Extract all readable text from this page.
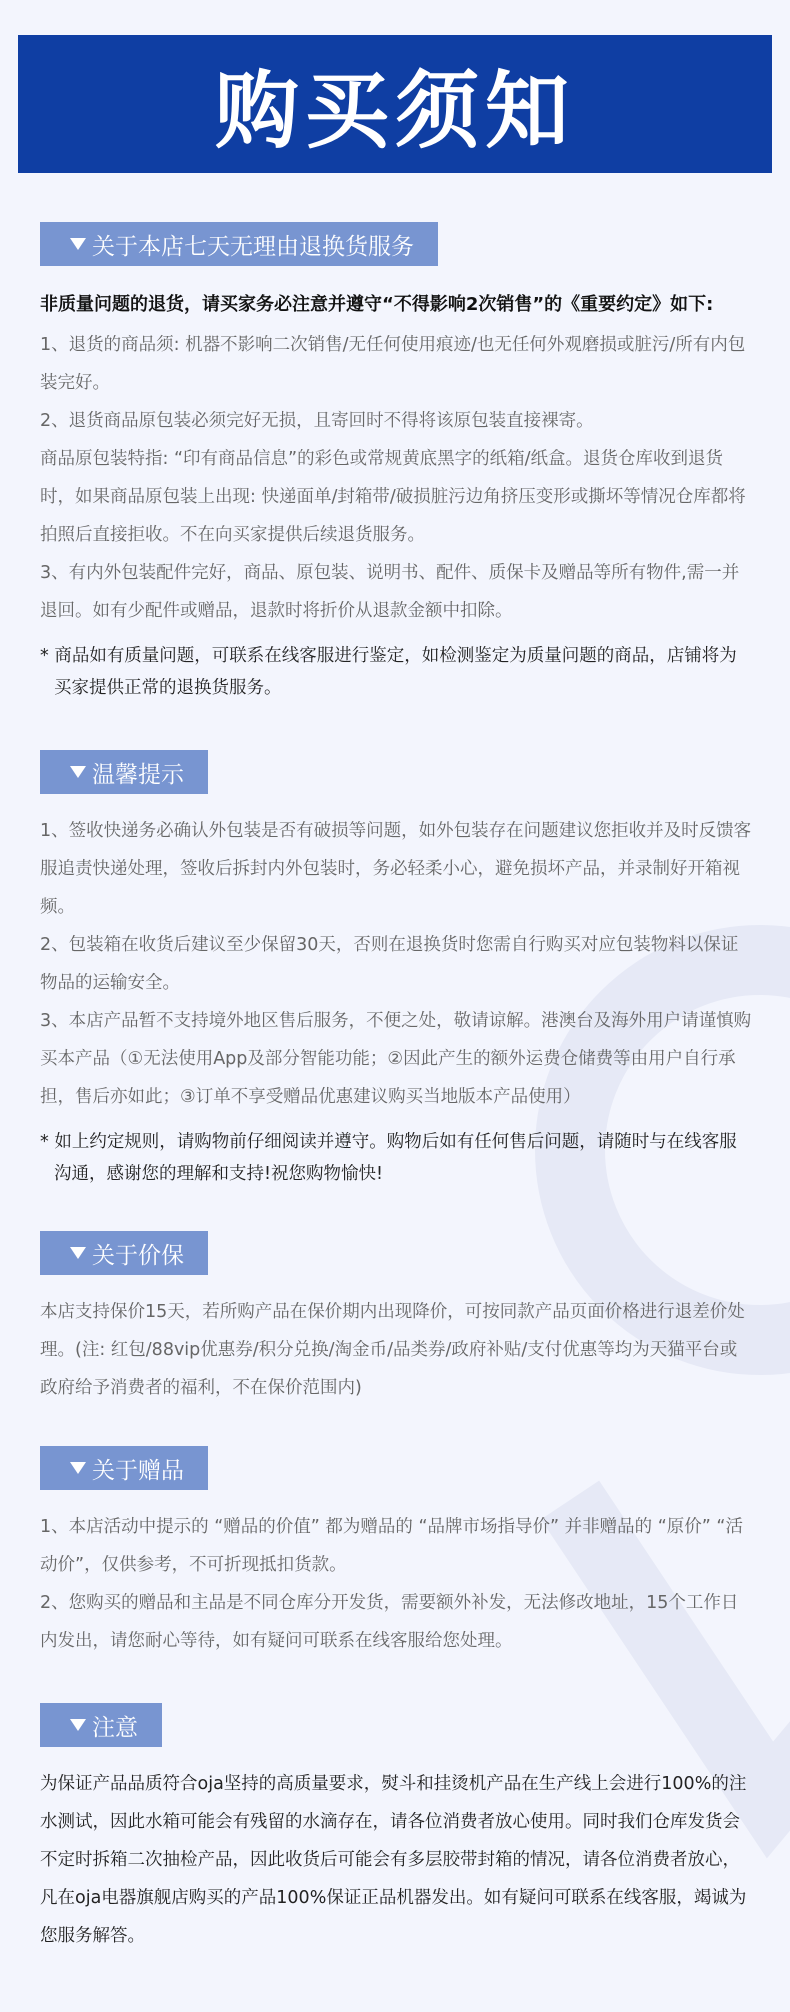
购买须知
关于本店七天无理由退换货服务
非质量问题的退货，请买家务必注意并遵守“不得影响2次销售”的《重要约定》如下:
1、退货的商品须: 机器不影响二次销售/无任何使用痕迹/也无任何外观磨损或脏污/所有内包装完好。
2、退货商品原包装必须完好无损，且寄回时不得将该原包装直接裸寄。
商品原包装特指: “印有商品信息”的彩色或常规黄底黑字的纸箱/纸盒。退货仓库收到退货时，如果商品原包装上出现: 快递面单/封箱带/破损脏污边角挤压变形或撕坏等情况仓库都将拍照后直接拒收。不在向买家提供后续退货服务。
3、有内外包装配件完好，商品、原包装、说明书、配件、质保卡及赠品等所有物件,需一并退回。如有少配件或赠品，退款时将折价从退款金额中扣除。
* 商品如有质量问题，可联系在线客服进行鉴定，如检测鉴定为质量问题的商品，店铺将为买家提供正常的退换货服务。
温馨提示
1、签收快递务必确认外包装是否有破损等问题，如外包装存在问题建议您拒收并及时反馈客服追责快递处理，签收后拆封内外包装时，务必轻柔小心，避免损坏产品，并录制好开箱视频。
2、包装箱在收货后建议至少保留30天，否则在退换货时您需自行购买对应包装物料以保证物品的运输安全。
3、本店产品暂不支持境外地区售后服务，不便之处，敬请谅解。港澳台及海外用户请谨慎购买本产品（①无法使用App及部分智能功能；②因此产生的额外运费仓储费等由用户自行承担，售后亦如此；③订单不享受赠品优惠建议购买当地版本产品使用）
* 如上约定规则，请购物前仔细阅读并遵守。购物后如有任何售后问题，请随时与在线客服沟通，感谢您的理解和支持!祝您购物愉快!
关于价保
本店支持保价15天，若所购产品在保价期内出现降价，可按同款产品页面价格进行退差价处理。(注: 红包/88vip优惠券/积分兑换/淘金币/品类券/政府补贴/支付优惠等均为天猫平台或政府给予消费者的福利，不在保价范围内)
关于赠品
1、本店活动中提示的 “赠品的价值” 都为赠品的 “品牌市场指导价” 并非赠品的 “原价” “活动价”，仅供参考，不可折现抵扣货款。
2、您购买的赠品和主品是不同仓库分开发货，需要额外补发，无法修改地址，15个工作日内发出，请您耐心等待，如有疑问可联系在线客服给您处理。
注意
为保证产品品质符合oja坚持的高质量要求，熨斗和挂烫机产品在生产线上会进行100%的注水测试，因此水箱可能会有残留的水滴存在，请各位消费者放心使用。同时我们仓库发货会不定时拆箱二次抽检产品，因此收货后可能会有多层胶带封箱的情况，请各位消费者放心，凡在oja电器旗舰店购买的产品100%保证正品机器发出。如有疑问可联系在线客服，竭诚为您服务解答。
